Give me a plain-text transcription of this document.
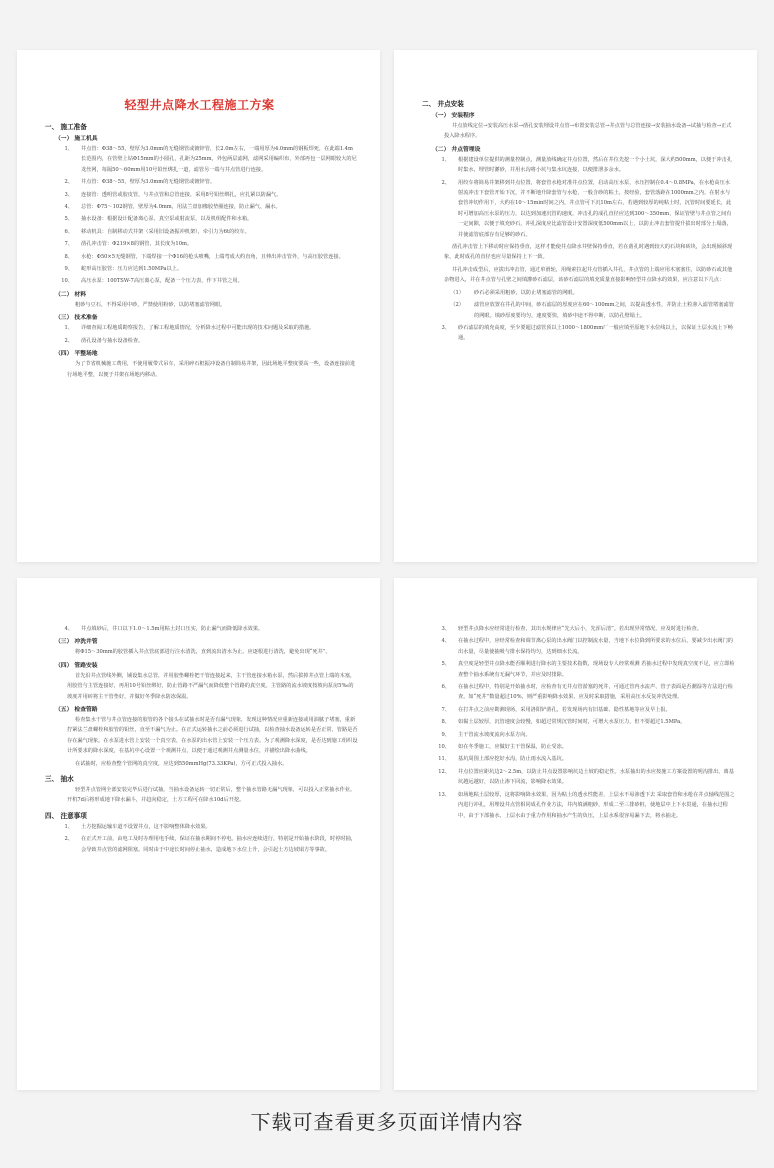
轻型井点降水工程施工方案
一、 施工准备
（一） 施工机具
1、	井点管：Φ38～55，壁厚为3.0mm的无缝钢管或镀锌管，长2.0m左右，一端用厚为4.0mm的钢板焊死，在此端1.4m长范围内，在管壁上钻Φ15mm的小圆孔，孔距为25mm，外包两层滤网，滤网采用编织布，外部再包一层网眼较大的尼龙丝网，每隔50～60mm用10号铅丝绑扎一道，滤管另一端与井点管进行连接。
2、	井点管：Φ38～55，壁厚为3.0mm的无缝钢管或镀锌管。
3、	连接管：透明管或胶皮管，与井点管和总管连接，采用8号铅丝绑扎，应扎紧以防漏气。
4、	总管：Φ75～102钢管，壁厚为4.0mm，用法兰盘加橡胶垫圈连接，防止漏气、漏水。
5、	抽水设备：根据设计配备离心泵、真空泵或射流泵，以及机组配件和水箱。
6、	移动机具：自制移动式井架（采用旧设备振冲机架），牵引力为6t的绞车。
7、	凿孔冲击管：Φ219×8的钢管，其长度为10m。
8、	水枪：Φ50×5无缝钢管，下端焊接一个Φ16的枪头喷嘴，上端弯成大约直角，且伸出冲击管外，与高压胶管连接。
9、	蛇形高压胶管：压力应达到1.50MPa以上。
10、	高压水泵：100TSW-7高压离心泵，配备一个压力表，作下井管之用。
（二） 材料
粗砂与豆石，不得采用中砂，严禁使用粉砂，以防堵塞滤管网眼。
（三） 技术准备
1、	详细查阅工程地质勘察报告，了解工程地质情况，分析降水过程中可能出现的技术问题及采取的措施。
2、	凿孔设备与抽水设备检查。
（四） 平整场地
为了节省机械施工费用，不使用履带式吊车，采用碎石框振冲设备自制简易井架，因此场地平整度要高一些，设备连接前进行场地平整，以便于井架在场地内移动。
二、 井点安装
（一） 安装程序
井点放线定位→安装高压水泵→凿孔安装埋设井点管→布置安装总管→井点管与总管连接→安装抽水设备→试抽与检查→正式投入降水程序。
（二） 井点管埋设
1、	根据建设单位提供的测量控制点，测量放线确定井点位置，然后在井位先挖一个小土坑，深大约500mm，以便于冲击孔时集水，埋管时灌砂，并用水沟将小坑与集水坑连接，以便排泄多余水。
2、	用绞车将简易井架移到井点位置，将套管水枪对准井点位置，启动高压水泵，水压控制在0.4～0.8MPa，在水枪高压水射流冲击下套管开始下沉，并不断地升降套管与水枪，一般含砂的粘土，按经验，套管落距在1000mm之内，在射水与套管冲切作用下，大约在10～15min时间之内，井点管可下沉10m左右，若遇到较厚的纯粘土时，沉管时间要延长，此时可增加高压水泵的压力，以达到加速沉管的速度。冲击孔的成孔直径应达到300～350mm，保证管壁与井点管之间有一定间隙，以便于填充砂石，冲孔深度应比滤管设计安置深度低500mm以上，以防止冲击套管提升拔出时部分土塌落，并使滤管底部存有足够的砂石。
凿孔冲击管上下移动时应保持垂直，这样才能使井点降水井壁保持垂直，若在凿孔时遇到较大的石块和砖块，会出现倾斜现象，此时成孔的直径也应尽量保持上下一致。
井孔冲击成型后，应拔出冲击管，通过单滑轮，用绳索拉起井点管插入井孔，井点管的上端应用木塞塞住，以防砂石或其他杂物进入，并在井点管与孔壁之间填灌砂石滤层，该砂石滤层的填充质量直接影响轻型井点降水的效果，应注意以下几点：
（1）	砂石必须采用粗砂，以防止堵塞滤管的网眼。
（2）	滤管应放置在井孔的中间，砂石滤层的厚度应在60～100mm之间，以提高透水性，并防止土粒渗入滤管堵塞滤管的网眼。填砂厚度要均匀，速度要快，填砂中途不得中断，以防孔壁塌土。
3、	砂石滤层的填充高度，至少要超过滤管顶以上1000～1800mm厂一般应填至原地下水位线以上，以保证土层水流上下畅通。
4、	井点填砂后，井口以下1.0～1.5m用粘土封口压实，防止漏气而降低降水效果。
（三） 冲洗井管
将Φ15～30mm的胶管插入井点管底部进行注水清洗，直到流出清水为止。应逐根进行清洗，避免出现“死井”。
（四） 管路安装
首先沿井点管线外侧，铺设集水总管，并用胶垫螺栓把干管连接起来，主干管连接水箱水泵，然后拔掉井点管上端的木塞，用胶管与主管连接好，再用10号铅丝绑好，防止管路不严漏气而降低整个管路的真空度。主管路的流水坡度按坡向泵房5‰的坡度并用砖将主干管垫好，并做好冬季降水防冻保温。
（五） 检查管路
检查集水干管与井点管连接的胶管的各个接头在试抽水时是否有漏气现象，发现这种情况应重新连接或用油腻子堵塞，重新拧紧法兰盘螺栓和胶管的铅丝，直至不漏气为止。在正式运转抽水之前必须进行试抽，以检查抽水设备运转是否正常，管路是否存在漏气现象。在水泵进水管上安装一个真空表，在水泵的出水管上安装一个压力表。为了观测降水深度，是否达到施工组织设计所要求的降水深度，在基坑中心设置一个观测井点，以便于通过观测井点测量水位，并描绘出降水曲线。
在试抽时，应检查整个管网的真空度，应达到550mmHg(73.33KPa)，方可正式投入抽水。
三、 抽水
轻型井点管网全部安装完毕后进行试抽。当抽水设备运转一切正常后，整个抽水管路无漏气现象，可以投入正常抽水作业。开机7d后将形成地下降水漏斗，并趋向稳定，土方工程可在降水10d后开挖。
四、 注意事项
1、	土方挖掘运输车道不设置井点，这不影响整体降水效果。
2、	在正式开工前，由电工及时办理用电手续，保证在抽水期间不停电。抽水应连续进行，特别是开始抽水阶段，时停时抽，会导致井点管的滤网阻塞。同时由于中途长时间停止抽水，造成地下水位上升，会引起土方边坡塌方等事故。
3、	轻型井点降水应经常进行检查，其出水规律应“先大后小，先浑后清”。若出现异常情况，应及时进行检查。
4、	在抽水过程中，应经常检查和调节离心泵的出水阀门以控制流水量，当地下水位降到所要求的水位后，要减少出水阀门的出水量，尽量使抽吸与排水保持均匀，达到细水长流。
5、	真空度是轻型井点降水能否顺利进行降水的主要技术指数，现场设专人经常观测 若抽水过程中发现真空度不足，应立即检查整个抽水系统有无漏气环节，并应及时排除。
6、	在抽水过程中，特别是开始抽水时，应检查有无井点管淤塞的死井，可通过管内水流声、管子表面是否潮湿等方法进行检查。如“死井”数量超过10%，则严重影响降水效果，应及时采取措施，采用高压水反复冲洗处理。
7、	在打井点之前应勘测现场，采用洛阳铲凿孔，若发现场内有旧基础、隐性墓地等应及早上报。
8、	如黏土层较厚，沉管速度会较慢，如超过常规沉管时间时，可增大水泵压力，但不要超过1.5MPa。
9、	主干管流水坡度流向水泵方向。
10、	如在冬季施工，应做好主干管保温，防止受冻。
11、	基坑周围上部应挖好水沟，防止雨水流入基坑。
12、	井点位置应距坑边2～2.5m，以防止井点设置影响坑边土坡的稳定性。水泵抽出的水应按施工方案设置的明沟排出，离基坑越远越好，以防止渗下回流，影响降水效果。
13、	如场地粘土层较厚，这将影响降水效果，因为粘土的透水性能差，上层水不易渗透下去 采取套管和水枪在井点轴线范围之内进行冲孔，用埋设井点管相同成孔作业方法，井内填满粗砂，形成二至三排砂桩，使地层中上下水贯通，在抽水过程中，由于下部抽水，上层水由于重力作用和抽水产生的负压，上层水系很容易漏下去，将水抽走。
下载可查看更多页面详情内容
